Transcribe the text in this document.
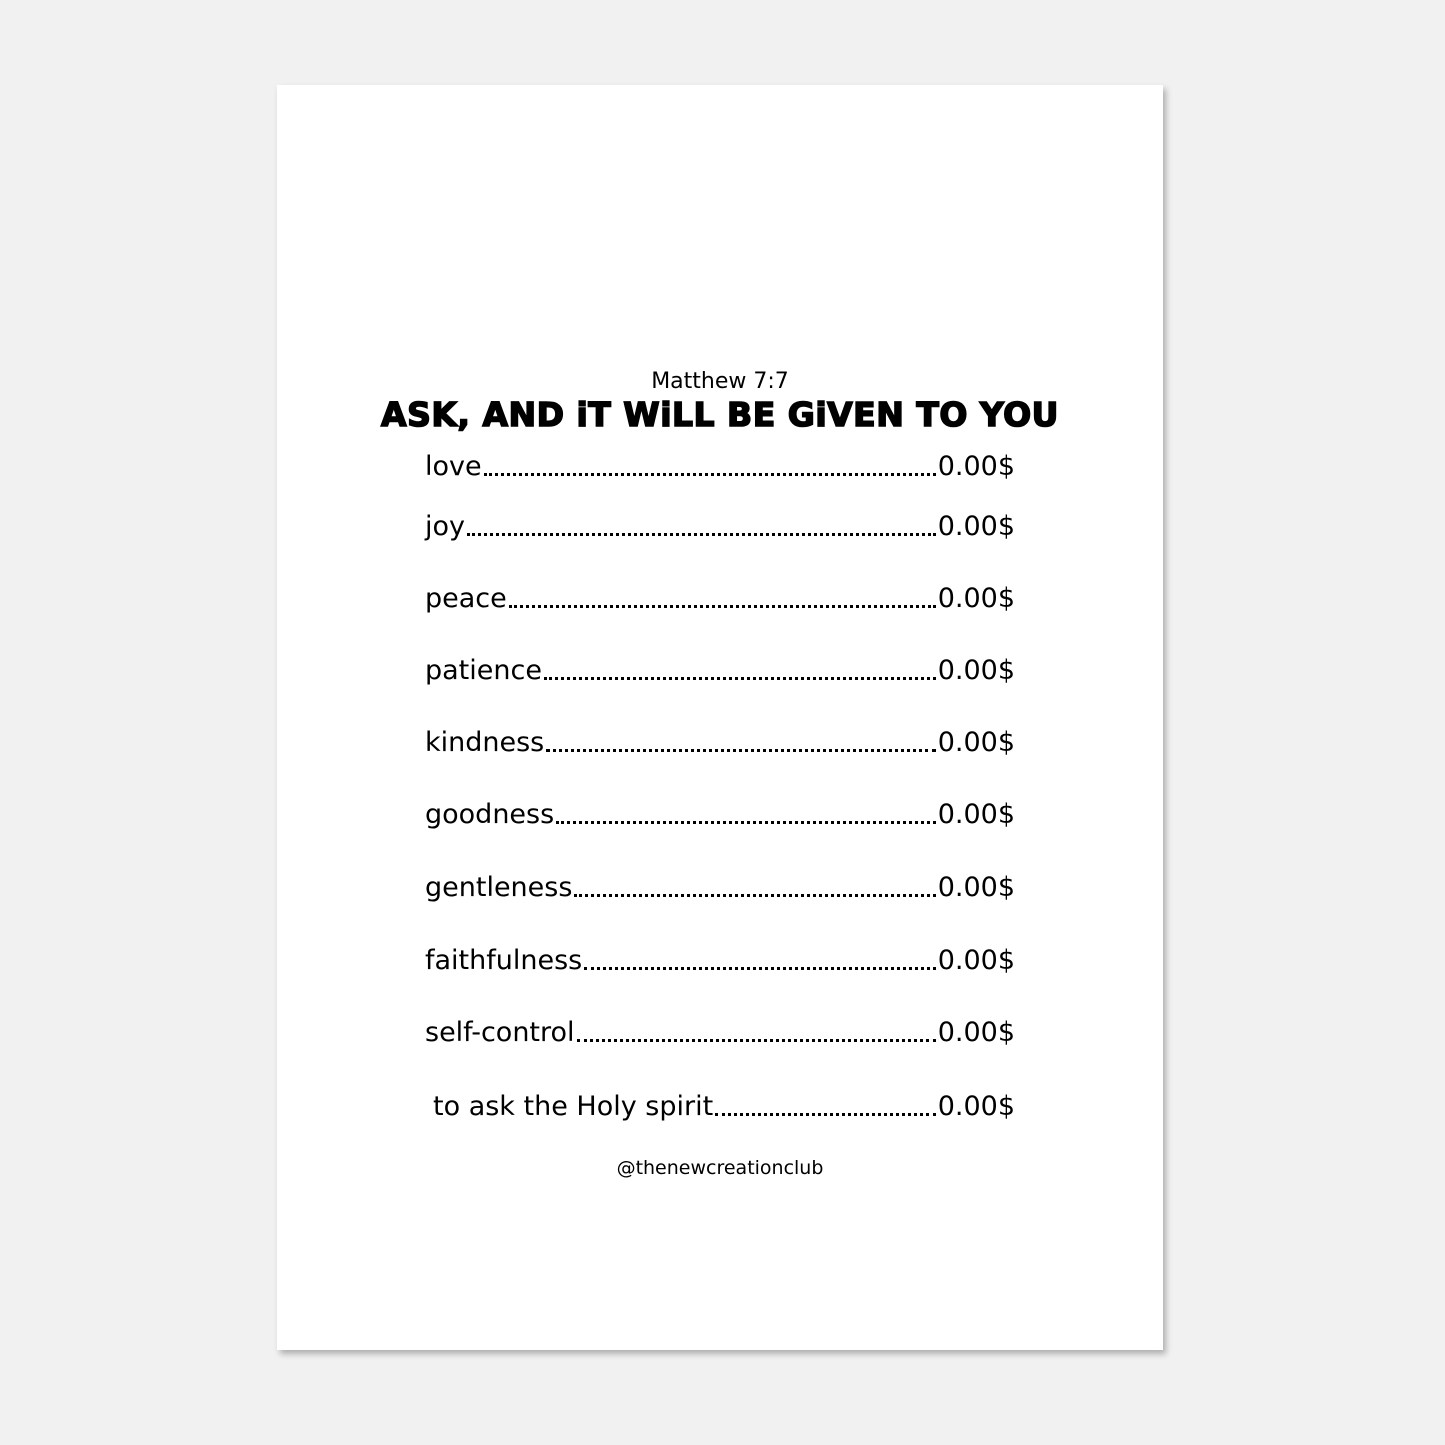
ASK, AND iT WiLL BE GiVEN TO YOU
Matthew 7:7
love	0.00$
joy	0.00$
peace	0.00$
patience	0.00$
kindness	0.00$
goodness	0.00$
gentleness	0.00$
faithfulness	0.00$
self-control	0.00$
to ask the Holy spirit	0.00$
@thenewcreationclub
